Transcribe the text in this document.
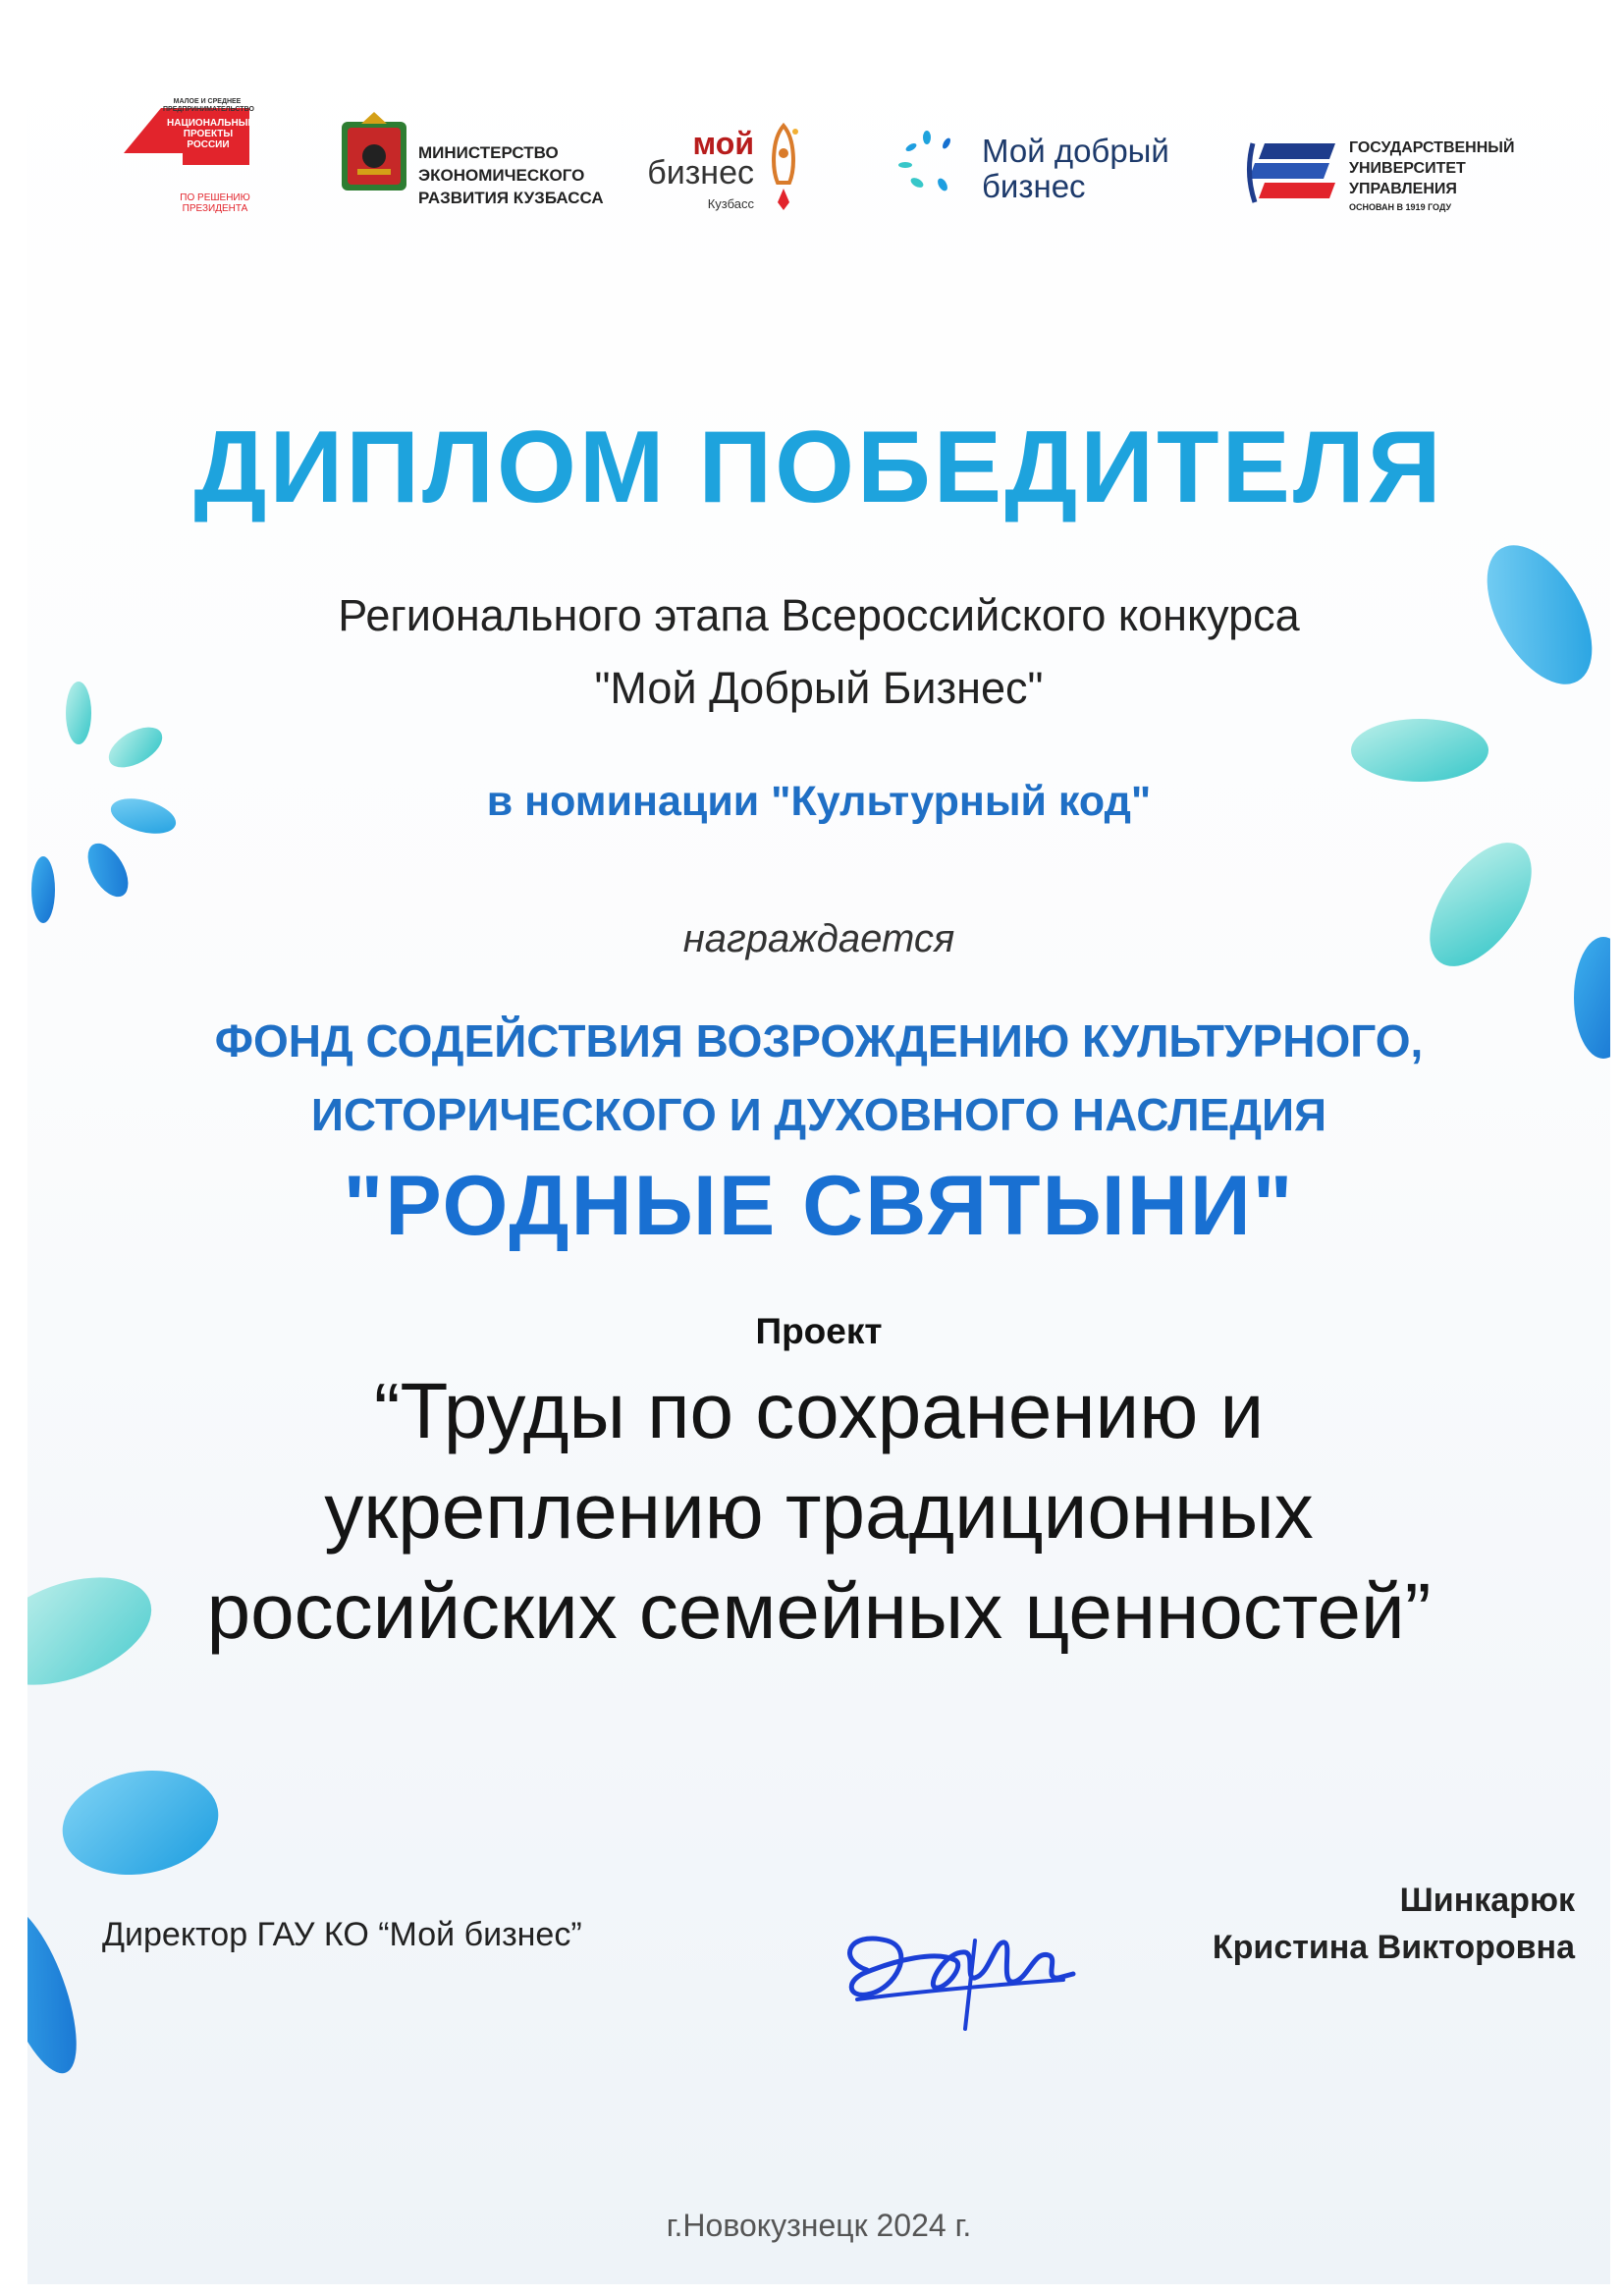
МАЛОЕ И СРЕДНЕЕ ПРЕДПРИНИМАТЕЛЬСТВО
НАЦИОНАЛЬНЫЕ
ПРОЕКТЫ
РОССИИ
ПО РЕШЕНИЮ
ПРЕЗИДЕНТА
МИНИСТЕРСТВО
ЭКОНОМИЧЕСКОГО
РАЗВИТИЯ КУЗБАССА
мой
бизнес
Кузбасс
Мой добрый
бизнес
ГОСУДАРСТВЕННЫЙ
УНИВЕРСИТЕТ
УПРАВЛЕНИЯ
ОСНОВАН В 1919 ГОДУ
ДИПЛОМ ПОБЕДИТЕЛЯ
Регионального этапа Всероссийского конкурса
"Мой Добрый Бизнес"
в номинации "Культурный код"
награждается
ФОНД СОДЕЙСТВИЯ ВОЗРОЖДЕНИЮ КУЛЬТУРНОГО,
ИСТОРИЧЕСКОГО И ДУХОВНОГО НАСЛЕДИЯ
"РОДНЫЕ СВЯТЫНИ"
Проект
“Труды по сохранению и
укреплению традиционных
российских семейных ценностей”
Директор ГАУ КО “Мой бизнес”
Шинкарюк
Кристина Викторовна
г.Новокузнецк 2024 г.
